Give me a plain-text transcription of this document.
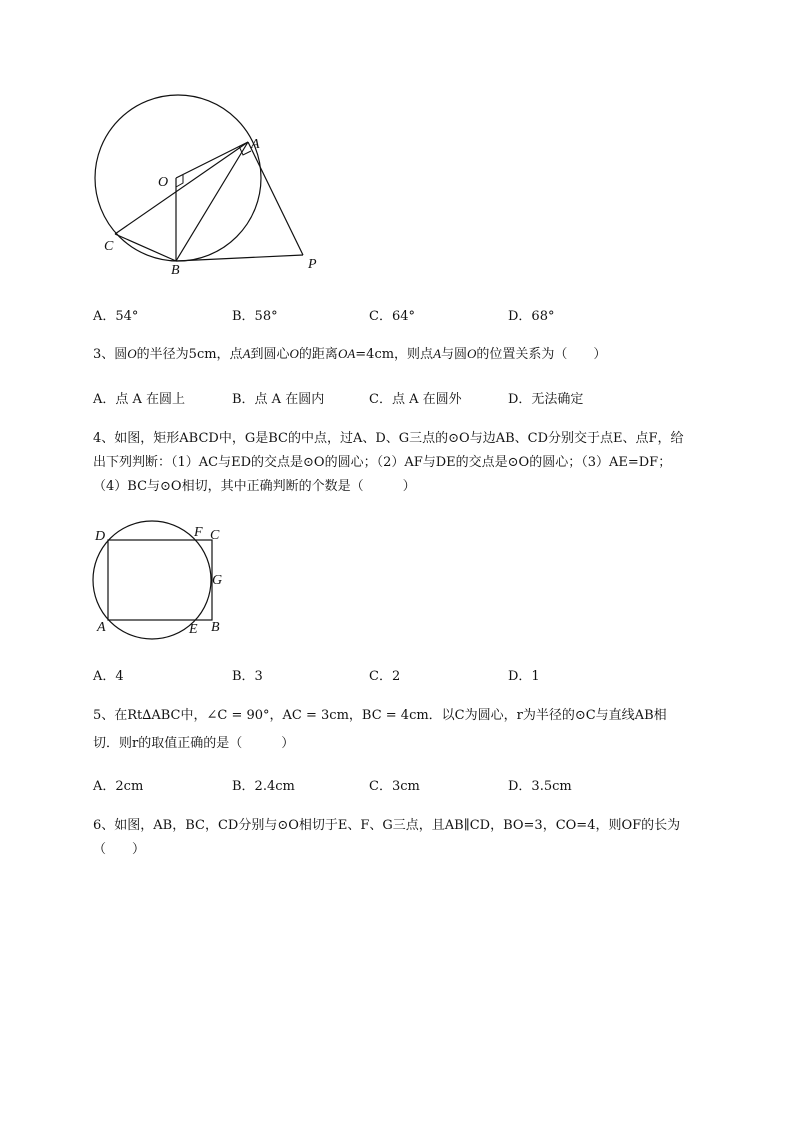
A
O
C
B	P
A．54°	B．58°	C．64°	D．68°

3、圆O的半径为5cm，点A到圆心O的距离OA=4cm，则点A与圆O的位置关系为（　　）

A．点 A 在圆上	B．点 A 在圆内	C．点 A 在圆外	D．无法确定

4、如图，矩形ABCD中，G是BC的中点，过A、D、G三点的⊙O与边AB、CD分别交于点E、点F，给

出下列判断：（1）AC与ED的交点是⊙O的圆心；（2）AF与DE的交点是⊙O的圆心；（3）AE=DF；

（4）BC与⊙O相切，其中正确判断的个数是（　　　）

D	F C
G
A	E B
A．4	B．3	C．2	D．1

5、在Rt∆ABC中，∠C = 90°，AC = 3cm，BC = 4cm．以C为圆心，r为半径的⊙C与直线AB相

切．则r的取值正确的是（　　　）

A．2cm	B．2.4cm	C．3cm	D．3.5cm

6、如图，AB，BC，CD分别与⊙O相切于E、F、G三点，且AB∥CD，BO=3，CO=4，则OF的长为

（　　）
